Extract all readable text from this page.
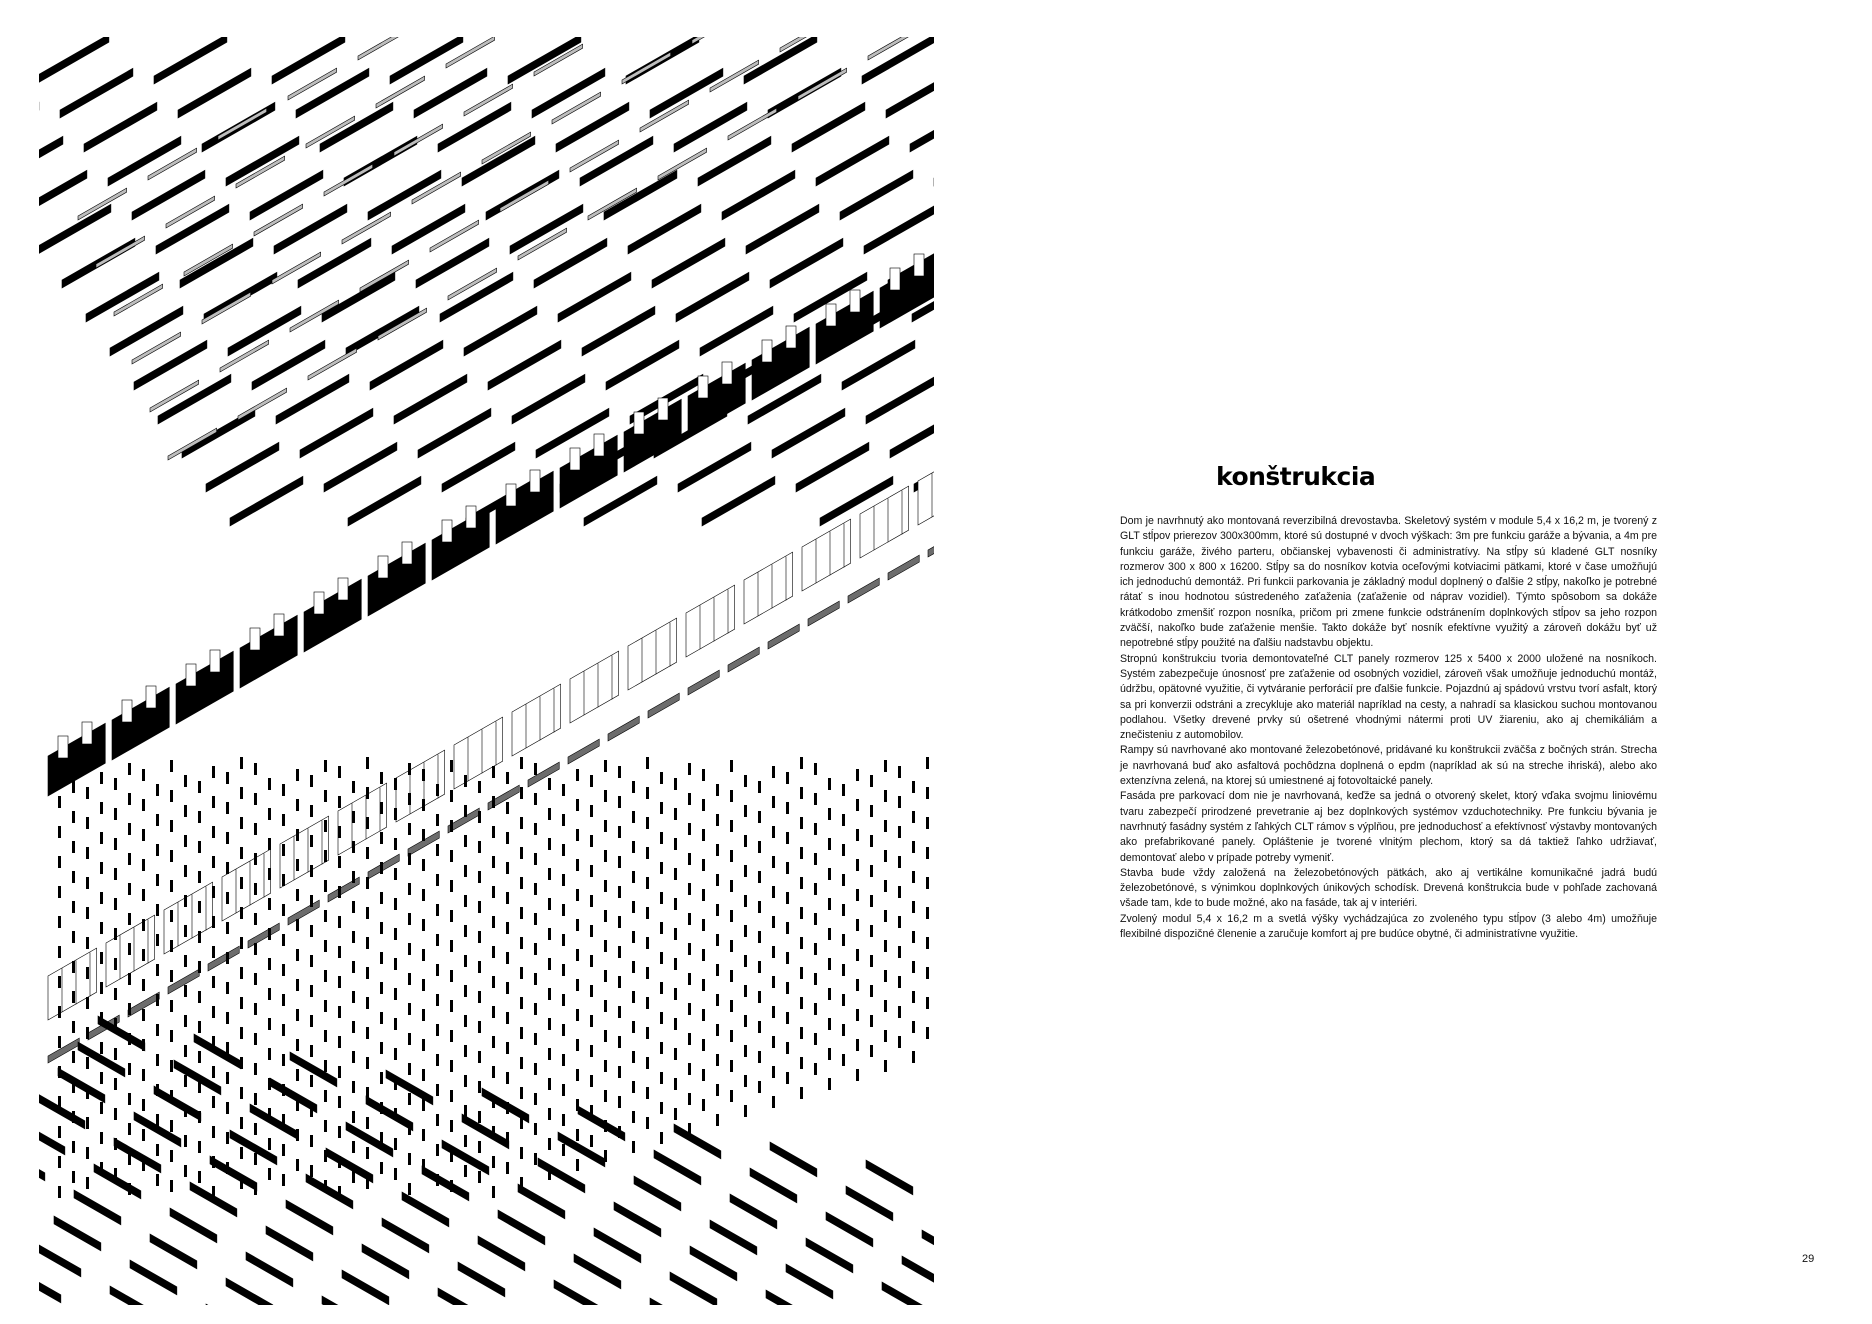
konštrukcia

Dom je navrhnutý ako montovaná reverzibilná drevostavba. Skeletový systém v module 5,4 x 16,2 m, je tvorený z GLT stĺpov prierezov 300x300mm, ktoré sú dostupné v dvoch výškach: 3m pre funkciu garáže a bývania, a 4m pre funkciu garáže, živého parteru, občianskej vybavenosti či administratívy. Na stĺpy sú kladené GLT nosníky rozmerov 300 x 800 x 16200. Stĺpy sa do nosníkov kotvia oceľovými kotviacimi pätkami, ktoré v čase umožňujú ich jednoduchú demontáž. Pri funkcii parkovania je základný modul doplnený o ďalšie 2 stĺpy, nakoľko je potrebné rátať s inou hodnotou sústredeného zaťaženia (zaťaženie od náprav vozidiel). Týmto spôsobom sa dokáže krátkodobo zmenšiť rozpon nosníka, pričom pri zmene funkcie odstránením doplnkových stĺpov sa jeho rozpon zväčší, nakoľko bude zaťaženie menšie. Takto dokáže byť nosník efektívne využitý a zároveň dokážu byť už nepotrebné stĺpy použité na ďalšiu nadstavbu objektu.

Stropnú konštrukciu tvoria demontovateľné CLT panely rozmerov 125 x 5400 x 2000 uložené na nosníkoch. Systém zabezpečuje únosnosť pre zaťaženie od osobných vozidiel, zároveň však umožňuje jednoduchú montáž, údržbu, opätovné využitie, či vytváranie perforácií pre ďalšie funkcie. Pojazdnú aj spádovú vrstvu tvorí asfalt, ktorý sa pri konverzii odstráni a zrecykluje ako materiál napríklad na cesty, a nahradí sa klasickou suchou montovanou podlahou. Všetky drevené prvky sú ošetrené vhodnými nátermi proti UV žiareniu, ako aj chemikáliám a znečisteniu z automobilov.

Rampy sú navrhované ako montované železobetónové, pridávané ku konštrukcii zväčša z bočných strán. Strecha je navrhovaná buď ako asfaltová pochôdzna doplnená o epdm (napríklad ak sú na streche ihriská), alebo ako extenzívna zelená, na ktorej sú umiestnené aj fotovoltaické panely.

Fasáda pre parkovací dom nie je navrhovaná, keďže sa jedná o otvorený skelet, ktorý vďaka svojmu liniovému tvaru zabezpečí prirodzené prevetranie aj bez doplnkových systémov vzduchotechniky. Pre funkciu bývania je navrhnutý fasádny systém z ľahkých CLT rámov s výplňou, pre jednoduchosť a efektívnosť výstavby montovaných ako prefabrikované panely. Opláštenie je tvorené vlnitým plechom, ktorý sa dá taktiež ľahko udržiavať, demontovať alebo v prípade potreby vymeniť.

Stavba bude vždy založená na železobetónových pätkách, ako aj vertikálne komunikačné jadrá budú železobetónové, s výnimkou doplnkových únikových schodísk. Drevená konštrukcia bude v pohľade zachovaná všade tam, kde to bude možné, ako na fasáde, tak aj v interiéri.

Zvolený modul 5,4 x 16,2 m a svetlá výšky vychádzajúca zo zvoleného typu stĺpov (3 alebo 4m) umožňuje flexibilné dispozičné členenie a zaručuje komfort aj pre budúce obytné, či administratívne využitie.

29
